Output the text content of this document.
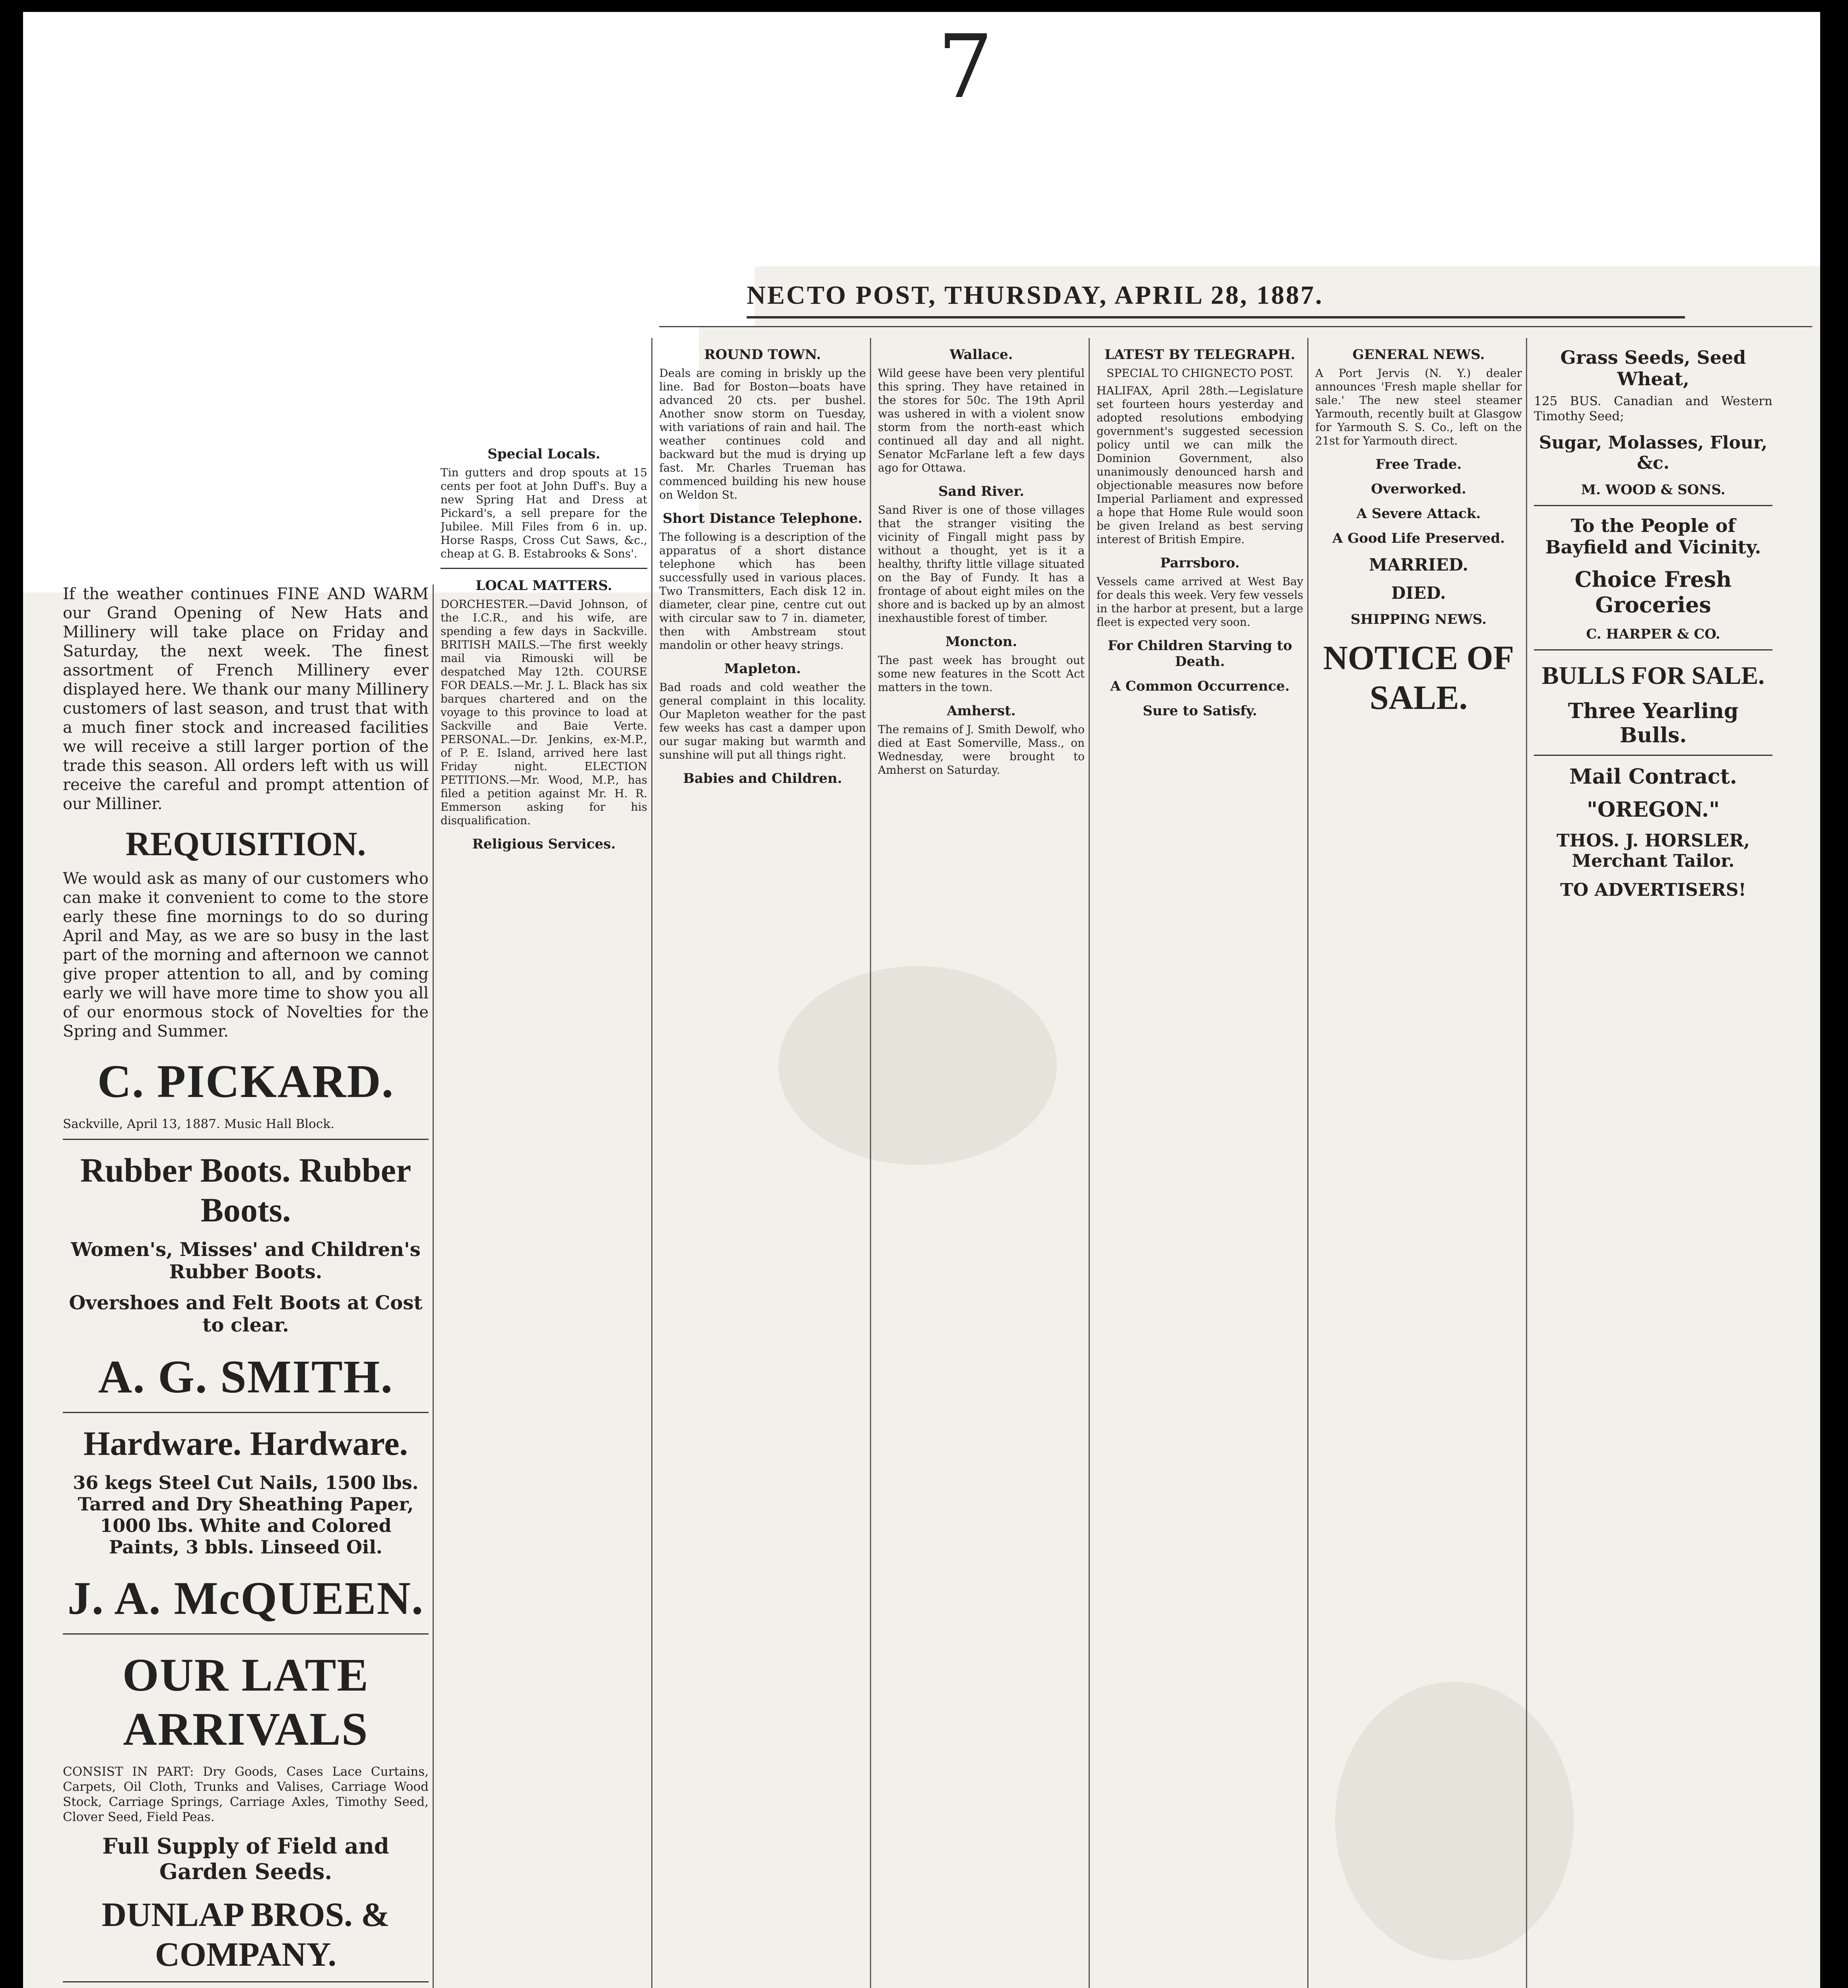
7
NECTO POST, THURSDAY, APRIL 28, 1887.
If the weather continues FINE AND WARM our Grand Opening of New Hats and Millinery will take place on Friday and Saturday, the next week. The finest assortment of French Millinery ever displayed here. We thank our many Millinery customers of last season, and trust that with a much finer stock and increased facilities we will receive a still larger portion of the trade this season. All orders left with us will receive the careful and prompt attention of our Milliner.
REQUISITION.
We would ask as many of our customers who can make it convenient to come to the store early these fine mornings to do so during April and May, as we are so busy in the last part of the morning and afternoon we cannot give proper attention to all, and by coming early we will have more time to show you all of our enormous stock of Novelties for the Spring and Summer.
C. PICKARD.
Sackville, April 13, 1887. Music Hall Block.
Rubber Boots. Rubber Boots.
Women's, Misses' and Children's Rubber Boots.
Overshoes and Felt Boots at Cost to clear.
A. G. SMITH.
Hardware. Hardware.
36 kegs Steel Cut Nails, 1500 lbs. Tarred and Dry Sheathing Paper, 1000 lbs. White and Colored Paints, 3 bbls. Linseed Oil.
J. A. McQUEEN.
OUR LATE ARRIVALS
CONSIST IN PART: Dry Goods, Cases Lace Curtains, Carpets, Oil Cloth, Trunks and Valises, Carriage Wood Stock, Carriage Springs, Carriage Axles, Timothy Seed, Clover Seed, Field Peas.
Full Supply of Field and Garden Seeds.
DUNLAP BROS. & COMPANY.
Special Locals.
Tin gutters and drop spouts at 15 cents per foot at John Duff's. Buy a new Spring Hat and Dress at Pickard's, a sell prepare for the Jubilee. Mill Files from 6 in. up. Horse Rasps, Cross Cut Saws, &c., cheap at G. B. Estabrooks & Sons'.
LOCAL MATTERS.
DORCHESTER.—David Johnson, of the I.C.R., and his wife, are spending a few days in Sackville. BRITISH MAILS.—The first weekly mail via Rimouski will be despatched May 12th. COURSE FOR DEALS.—Mr. J. L. Black has six barques chartered and on the voyage to this province to load at Sackville and Baie Verte. PERSONAL.—Dr. Jenkins, ex-M.P., of P. E. Island, arrived here last Friday night. ELECTION PETITIONS.—Mr. Wood, M.P., has filed a petition against Mr. H. R. Emmerson asking for his disqualification.
Religious Services.
ROUND TOWN.
Deals are coming in briskly up the line. Bad for Boston—boats have advanced 20 cts. per bushel. Another snow storm on Tuesday, with variations of rain and hail. The weather continues cold and backward but the mud is drying up fast. Mr. Charles Trueman has commenced building his new house on Weldon St.
Short Distance Telephone.
The following is a description of the apparatus of a short distance telephone which has been successfully used in various places. Two Transmitters, Each disk 12 in. diameter, clear pine, centre cut out with circular saw to 7 in. diameter, then with Ambstream stout mandolin or other heavy strings.
Mapleton.
Bad roads and cold weather the general complaint in this locality. Our Mapleton weather for the past few weeks has cast a damper upon our sugar making but warmth and sunshine will put all things right.
Babies and Children.
Wallace.
Wild geese have been very plentiful this spring. They have retained in the stores for 50c. The 19th April was ushered in with a violent snow storm from the north-east which continued all day and all night. Senator McFarlane left a few days ago for Ottawa.
Sand River.
Sand River is one of those villages that the stranger visiting the vicinity of Fingall might pass by without a thought, yet is it a healthy, thrifty little village situated on the Bay of Fundy. It has a frontage of about eight miles on the shore and is backed up by an almost inexhaustible forest of timber.
Moncton.
The past week has brought out some new features in the Scott Act matters in the town.
Amherst.
The remains of J. Smith Dewolf, who died at East Somerville, Mass., on Wednesday, were brought to Amherst on Saturday.
LATEST BY TELEGRAPH.
SPECIAL TO CHIGNECTO POST.
HALIFAX, April 28th.—Legislature set fourteen hours yesterday and adopted resolutions embodying government's suggested secession policy until we can milk the Dominion Government, also unanimously denounced harsh and objectionable measures now before Imperial Parliament and expressed a hope that Home Rule would soon be given Ireland as best serving interest of British Empire.
Parrsboro.
Vessels came arrived at West Bay for deals this week. Very few vessels in the harbor at present, but a large fleet is expected very soon.
For Children Starving to Death.
A Common Occurrence.
Sure to Satisfy.
GENERAL NEWS.
A Port Jervis (N. Y.) dealer announces 'Fresh maple shellar for sale.' The new steel steamer Yarmouth, recently built at Glasgow for Yarmouth S. S. Co., left on the 21st for Yarmouth direct.
Free Trade.
Overworked.
A Severe Attack.
A Good Life Preserved.
MARRIED.
DIED.
SHIPPING NEWS.
NOTICE OF SALE.
Grass Seeds, Seed Wheat,
125 BUS. Canadian and Western Timothy Seed;
Sugar, Molasses, Flour, &c.
M. WOOD & SONS.
To the People of Bayfield and Vicinity.
Choice Fresh Groceries
C. HARPER & CO.
BULLS FOR SALE.
Three Yearling Bulls.
Mail Contract.
"OREGON."
THOS. J. HORSLER, Merchant Tailor.
TO ADVERTISERS!
